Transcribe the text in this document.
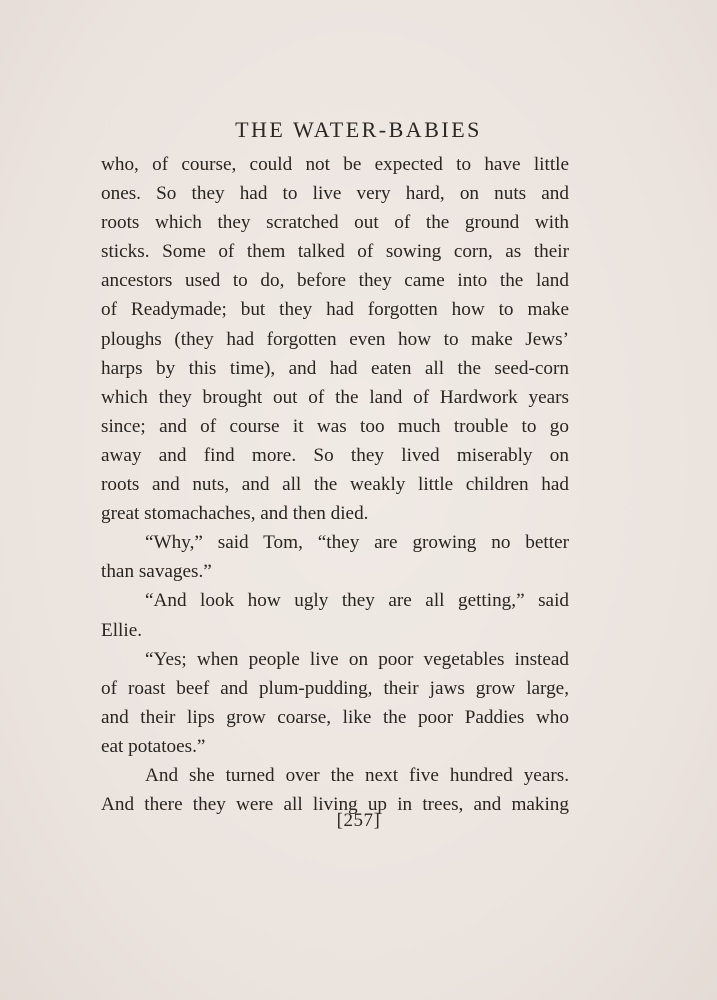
THE WATER-BABIES
who, of course, could not be expected to have little
ones. So they had to live very hard, on nuts and
roots which they scratched out of the ground with
sticks. Some of them talked of sowing corn, as their
ancestors used to do, before they came into the land
of Readymade; but they had forgotten how to make
ploughs (they had forgotten even how to make Jews’
harps by this time), and had eaten all the seed-corn
which they brought out of the land of Hardwork years
since; and of course it was too much trouble to go
away and find more. So they lived miserably on
roots and nuts, and all the weakly little children had
great stomachaches, and then died.
“Why,” said Tom, “they are growing no better
than savages.”
“And look how ugly they are all getting,” said
Ellie.
“Yes; when people live on poor vegetables instead
of roast beef and plum-pudding, their jaws grow large,
and their lips grow coarse, like the poor Paddies who
eat potatoes.”
And she turned over the next five hundred years.
And there they were all living up in trees, and making
[257]
